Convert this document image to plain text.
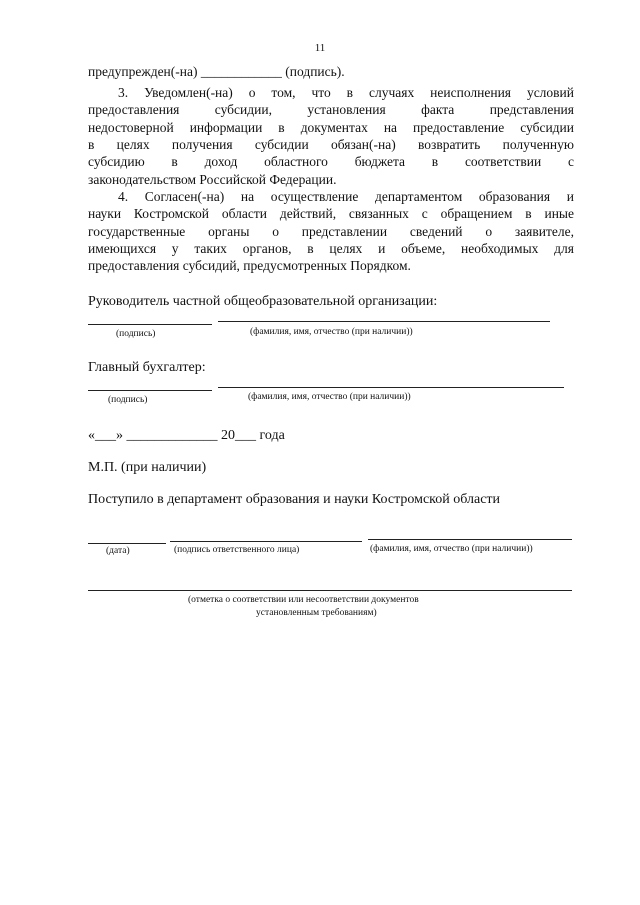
11
предупрежден(-на) ____________ (подпись).
3. Уведомлен(-на) о том, что в случаях неисполнения условий
предоставления субсидии, установления факта представления
недостоверной информации в документах на предоставление субсидии
в целях получения субсидии обязан(-на) возвратить полученную
субсидию в доход областного бюджета в соответствии с
законодательством Российской Федерации.
4. Согласен(-на) на осуществление департаментом образования и
науки Костромской области действий, связанных с обращением в иные
государственные органы о представлении сведений о заявителе,
имеющихся у таких органов, в целях и объеме, необходимых для
предоставления субсидий, предусмотренных Порядком.
Руководитель частной общеобразовательной организации:
(подпись)	(фамилия, имя, отчество (при наличии))
Главный бухгалтер:
(подпись)	(фамилия, имя, отчество (при наличии))
«___» _____________ 20___ года
М.П. (при наличии)
Поступило в департамент образования и науки Костромской области
(дата)	(подпись ответственного лица)	(фамилия, имя, отчество (при наличии))
(отметка о соответствии или несоответствии документов
установленным требованиям)
